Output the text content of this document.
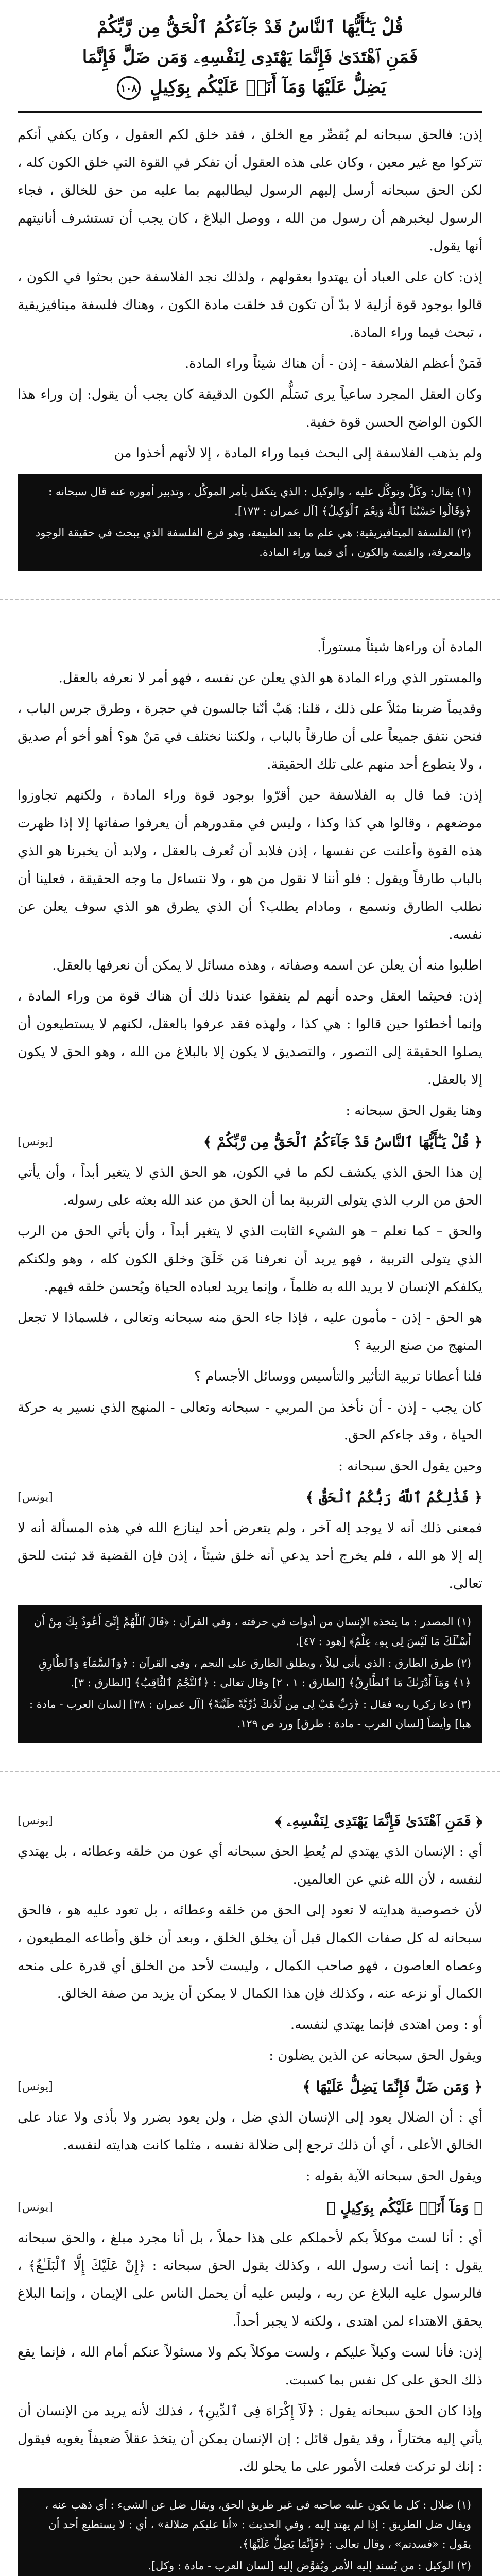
قُلْ يَـٰٓأَيُّهَا ٱلنَّاسُ قَدْ جَآءَكُمُ ٱلْحَقُّ مِن رَّبِّكُمْ
فَمَنِ ٱهْتَدَىٰ فَإِنَّمَا يَهْتَدِى لِنَفْسِهِۦ وَمَن ضَلَّ فَإِنَّمَا
يَضِلُّ عَلَيْهَا وَمَآ أَنَا۠ عَلَيْكُم بِوَكِيلٍ ١٠٨

إذن: فالحق سبحانه لم يُقصِّر مع الخلق ، فقد خلق لكم العقول ، وكان يكفي أنكم تتركوا مع غير معين ، وكان على هذه العقول أن تفكر في القوة التي خلق الكون كله ، لكن الحق سبحانه أرسل إليهم الرسول ليطالبهم بما عليه من حق للخالق ، فجاء الرسول ليخبرهم أن رسول من الله ، ووصل البلاغ ، كان يجب أن تستشرف أنانيتهم أنها يقول.

إذن: كان على العباد أن يهتدوا بعقولهم ، ولذلك نجد الفلاسفة حين بحثوا في الكون ، قالوا بوجود قوة أزلية لا بدّ أن تكون قد خلقت مادة الكون ، وهناك فلسفة ميتافيزيقية ، تبحث فيما وراء المادة.

فَمَنْ أعظم الفلاسفة - إذن - أن هناك شيئاً وراء المادة.

وكان العقل المجرد ساعياً يرى تَسَلُّم الكون الدقيقة كان يجب أن يقول: إن وراء هذا الكون الواضح الحسن قوة خفية.

ولم يذهب الفلاسفة إلى البحث فيما وراء المادة ، إلا لأنهم أخذوا من

(١) يقال: وكَلَّ وتوكَّل عليه ، والوكيل : الذي يتكفل بأمر الموكَّل ، وتدبير أموره عنه قال سبحانه : ﴿وَقَالُوا حَسْبُنَا ٱللَّهُ وَنِعْمَ ٱلْوَكِيلُ﴾ [آل عمران : ١٧٣].
(٢) الفلسفة الميتافيزيقية: هي علم ما بعد الطبيعة، وهو فرع الفلسفة الذي يبحث في حقيقة الوجود والمعرفة، والقيمة والكون ، أي فيما وراء المادة.

المادة أن وراءها شيئاً مستوراً.

والمستور الذي وراء المادة هو الذي يعلن عن نفسه ، فهو أمر لا نعرفه بالعقل.

وقديماً ضربنا مثلاً على ذلك ، قلنا: هَبْ أنّنا جالسون في حجرة ، وطرق جرس الباب ، فنحن نتفق جميعاً على أن طارقاً بالباب ، ولكننا نختلف في مَنْ هو؟ أهو أخو أم صديق ، ولا يتطوع أحد منهم على تلك الحقيقة.

إذن: فما قال به الفلاسفة حين أقرّوا بوجود قوة وراء المادة ، ولكنهم تجاوزوا موضعهم ، وقالوا هي كذا وكذا ، وليس في مقدورهم أن يعرفوا صفاتها إلا إذا ظهرت هذه القوة وأعلنت عن نفسها ، إذن فلابد أن تُعرف بالعقل ، ولابد أن يخبرنا هو الذي بالباب طارقاً ويقول : فلو أننا لا نقول من هو ، ولا نتساءل ما وجه الحقيقة ، فعلينا أن نطلب الطارق ونسمع ، ومادام يطلب؟ أن الذي يطرق هو الذي سوف يعلن عن نفسه.

اطلبوا منه أن يعلن عن اسمه وصفاته ، وهذه مسائل لا يمكن أن نعرفها بالعقل.

إذن: فحيثما العقل وحده أنهم لم يتفقوا عندنا ذلك أن هناك قوة من وراء المادة ، وإنما أخطئوا حين قالوا : هي كذا ، ولهذه فقد عرفوا بالعقل، لكنهم لا يستطيعون أن يصلوا الحقيقة إلى التصور ، والتصديق لا يكون إلا بالبلاغ من الله ، وهو الحق لا يكون إلا بالعقل.

وهنا يقول الحق سبحانه :

﴿ قُلْ يَـٰٓأَيُّهَا ٱلنَّاسُ قَدْ جَآءَكُمُ ٱلْحَقُّ مِن رَّبِّكُمْ ﴾
[يونس]

إن هذا الحق الذي يكشف لكم ما في الكون، هو الحق الذي لا يتغير أبداً ، وأن يأتي الحق من الرب الذي يتولى التربية بما أن الحق من عند الله بعثه على رسوله.

والحق – كما نعلم – هو الشيء الثابت الذي لا يتغير أبداً ، وأن يأتي الحق من الرب الذي يتولى التربية ، فهو يريد أن نعرفنا مَن خَلَقَ وخلق الكون كله ، وهو ولكنكم يكلفكم الإنسان لا يريد الله به ظلماً ، وإنما يريد لعباده الحياة ويُحسن خلقه فيهم.

هو الحق - إذن - مأمون عليه ، فإذا جاء الحق منه سبحانه وتعالى ، فلسماذا لا تجعل المنهج من صنع الربية ؟

فلنا أعطانا تربية التأثير والتأسيس ووسائل الأجسام ؟

كان يجب - إذن - أن نأخذ من المربي - سبحانه وتعالى - المنهج الذي نسير به حركة الحياة ، وقد جاءكم الحق.

وحين يقول الحق سبحانه :

﴿ فَذَٰلِكُمُ ٱللَّهُ رَبُّكُمُ ٱلْحَقُّ ﴾
[يونس]

فمعنى ذلك أنه لا يوجد إله آخر ، ولم يتعرض أحد لينازع الله في هذه المسألة أنه لا إله إلا هو الله ، فلم يخرج أحد يدعي أنه خلق شيئاً ، إذن فإن القضية قد ثبتت للحق تعالى.

(١) المصدر : ما يتخذه الإنسان من أدوات في حرفته ، وفي القرآن : ﴿قَالَ ٱللَّهُمَّ إِنِّىٓ أَعُوذُ بِكَ مِنْ أَن أَسْـَٔلَكَ مَا لَيْسَ لِى بِهِۦ عِلْمٌ﴾ [هود : ٤٧].
(٢) طرق الطارق : الذي يأتي ليلاً ، ويطلق الطارق على النجم ، وفي القرآن : ﴿وَٱلسَّمَآءِ وَٱلطَّارِقِ ﴿١﴾ وَمَآ أَدْرَىٰكَ مَا ٱلطَّارِقُ﴾ [الطارق : ١ ، ٢] وقال تعالى : ﴿ٱلنَّجْمُ ٱلثَّاقِبُ﴾ [الطارق : ٣].
(٣) دعا زكريا ربه فقال : ﴿رَبِّ هَبْ لِى مِن لَّدُنكَ ذُرِّيَّةً طَيِّبَةً﴾ [آل عمران : ٣٨] [لسان العرب - مادة : هبا] وأيضاً [لسان العرب - مادة : طرق] ورد ص ١٢٩.
﴿ فَمَنِ ٱهْتَدَىٰ فَإِنَّمَا يَهْتَدِى لِنَفْسِهِۦ ﴾
[يونس]

أي : الإنسان الذي يهتدي لم يُعطِ الحق سبحانه أي عون من خلقه وعطائه ، بل يهتدي لنفسه ، لأن الله غني عن العالمين.

لأن خصوصية هدايته لا تعود إلى الحق من خلقه وعطائه ، بل تعود عليه هو ، فالحق سبحانه له كل صفات الكمال قبل أن يخلق الخلق ، وبعد أن خلق وأطاعه المطيعون ، وعصاه العاصون ، فهو صاحب الكمال ، وليست لأحد من الخلق أي قدرة على منحه الكمال أو نزعه عنه ، وكذلك فإن هذا الكمال لا يمكن أن يزيد من صفة الخالق.

أو : ومن اهتدى فإنما يهتدي لنفسه.

ويقول الحق سبحانه عن الذين يضلون :

﴿ وَمَن ضَلَّ فَإِنَّمَا يَضِلُّ عَلَيْهَا ﴾
[يونس]

أي : أن الضلال يعود إلى الإنسان الذي ضل ، ولن يعود بضرر ولا بأذى ولا عناد على الخالق الأعلى ، أي أن ذلك ترجع إلى ضلالة نفسه ، مثلما كانت هدايته لنفسه.

ويقول الحق سبحانه الآية بقوله :

﴿ وَمَآ أَنَا۠ عَلَيْكُم بِوَكِيلٍ ﴾
[يونس]

أي : أنا لست موكلاً بكم لأحملكم على هذا حملاً ، بل أنا مجرد مبلغ ، والحق سبحانه يقول : إنما أنت رسول الله ، وكذلك يقول الحق سبحانه : ﴿إِنْ عَلَيْكَ إِلَّا ٱلْبَلَـٰغُ﴾ ، فالرسول عليه البلاغ عن ربه ، وليس عليه أن يحمل الناس على الإيمان ، وإنما البلاغ يحقق الاهتداء لمن اهتدى ، ولكنه لا يجبر أحداً.

إذن: فأنا لست وكيلاً عليكم ، ولست موكلاً بكم ولا مسئولاً عنكم أمام الله ، فإنما يقع ذلك الحق على كل نفس بما كسبت.

وإذا كان الحق سبحانه يقول : ﴿لَآ إِكْرَاهَ فِى ٱلدِّينِ﴾ ، فذلك لأنه يريد من الإنسان أن يأتي إليه مختاراً ، وقد يقول قائل : إن الإنسان يمكن أن يتخذ عقلاً ضعيفاً يغويه فيقول : إنك لو تركت فعلت الأمور على ما يحلو لك.

(١) ضلال : كل ما يكون عليه صاحبه في غير طريق الحق، ويقال ضل عن الشيء : أي ذهب عنه ، ويقال ضل الطريق : إذا لم يهتد إليه ، وفي الحديث : «أنا عليكم ضلالة» ، أي : لا يستطيع أحد أن يقول : «فسدتم» ، وقال تعالى : ﴿فَإِنَّمَا يَضِلُّ عَلَيْهَا﴾.
(٢) الوكيل : من يُسند إليه الأمر ويُفوَّض إليه [لسان العرب - مادة : وكل].
